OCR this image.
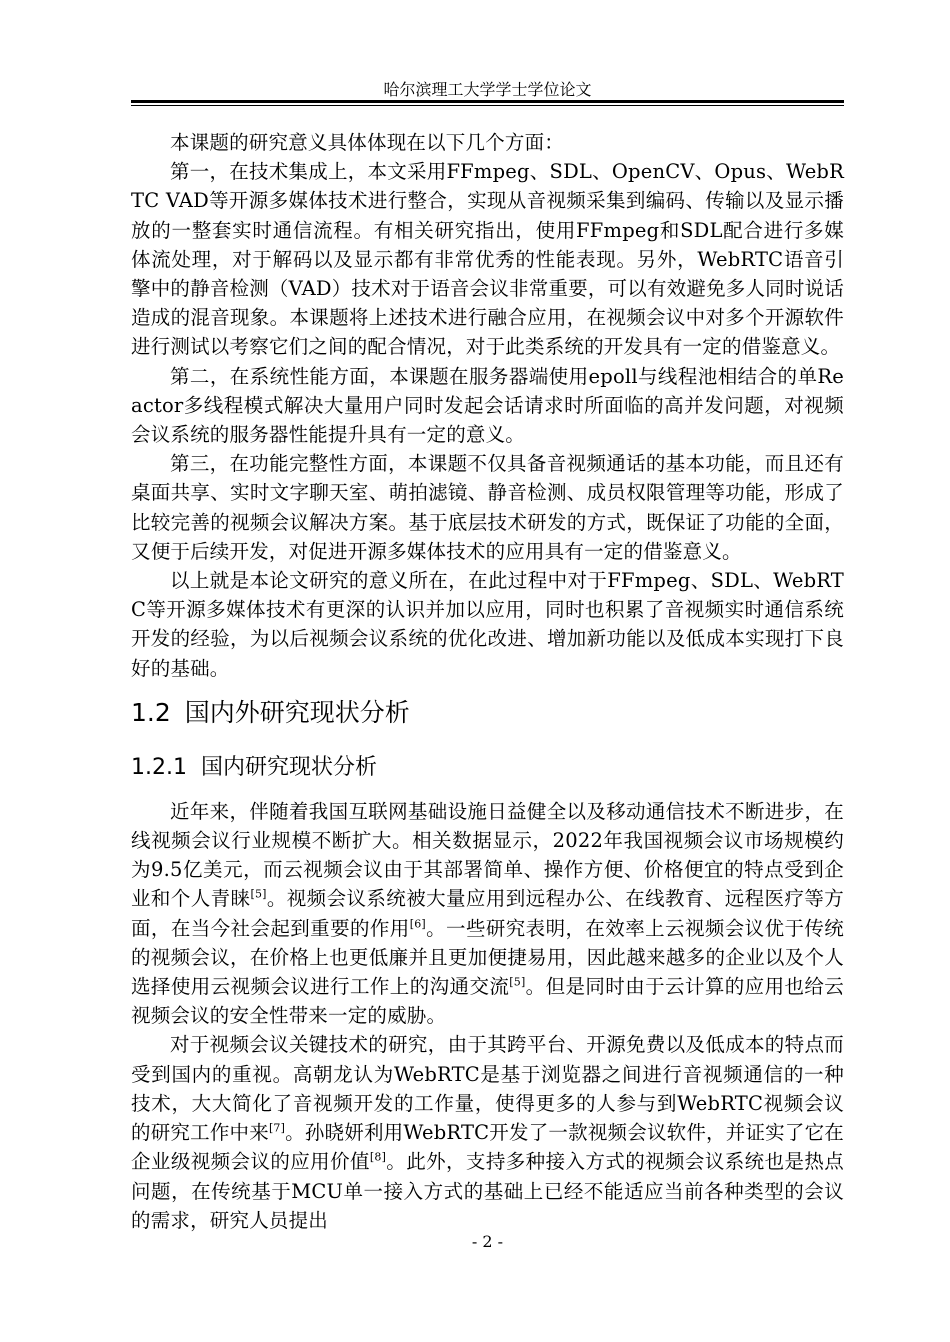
哈尔滨理工大学学士学位论文

本课题的研究意义具体体现在以下几个方面：

第一，在技术集成上，本文采用FFmpeg、SDL、OpenCV、Opus、WebRTC VAD等开源多媒体技术进行整合，实现从音视频采集到编码、传输以及显示播放的一整套实时通信流程。有相关研究指出，使用FFmpeg和SDL配合进行多媒体流处理，对于解码以及显示都有非常优秀的性能表现。另外，WebRTC语音引擎中的静音检测（VAD）技术对于语音会议非常重要，可以有效避免多人同时说话造成的混音现象。本课题将上述技术进行融合应用，在视频会议中对多个开源软件进行测试以考察它们之间的配合情况，对于此类系统的开发具有一定的借鉴意义。

第二，在系统性能方面，本课题在服务器端使用epoll与线程池相结合的单Reactor多线程模式解决大量用户同时发起会话请求时所面临的高并发问题，对视频会议系统的服务器性能提升具有一定的意义。

第三，在功能完整性方面，本课题不仅具备音视频通话的基本功能，而且还有桌面共享、实时文字聊天室、萌拍滤镜、静音检测、成员权限管理等功能，形成了比较完善的视频会议解决方案。基于底层技术研发的方式，既保证了功能的全面，又便于后续开发，对促进开源多媒体技术的应用具有一定的借鉴意义。

以上就是本论文研究的意义所在，在此过程中对于FFmpeg、SDL、WebRTC等开源多媒体技术有更深的认识并加以应用，同时也积累了音视频实时通信系统开发的经验，为以后视频会议系统的优化改进、增加新功能以及低成本实现打下良好的基础。

1.2 国内外研究现状分析
1.2.1 国内研究现状分析

近年来，伴随着我国互联网基础设施日益健全以及移动通信技术不断进步，在线视频会议行业规模不断扩大。相关数据显示，2022年我国视频会议市场规模约为9.5亿美元，而云视频会议由于其部署简单、操作方便、价格便宜的特点受到企业和个人青睐[5]。视频会议系统被大量应用到远程办公、在线教育、远程医疗等方面，在当今社会起到重要的作用[6]。一些研究表明，在效率上云视频会议优于传统的视频会议，在价格上也更低廉并且更加便捷易用，因此越来越多的企业以及个人选择使用云视频会议进行工作上的沟通交流[5]。但是同时由于云计算的应用也给云视频会议的安全性带来一定的威胁。

对于视频会议关键技术的研究，由于其跨平台、开源免费以及低成本的特点而受到国内的重视。高朝龙认为WebRTC是基于浏览器之间进行音视频通信的一种技术，大大简化了音视频开发的工作量，使得更多的人参与到WebRTC视频会议的研究工作中来[7]。孙晓妍利用WebRTC开发了一款视频会议软件，并证实了它在企业级视频会议的应用价值[8]。此外，支持多种接入方式的视频会议系统也是热点问题，在传统基于MCU单一接入方式的基础上已经不能适应当前各种类型的会议的需求，研究人员提出

- 2 -
